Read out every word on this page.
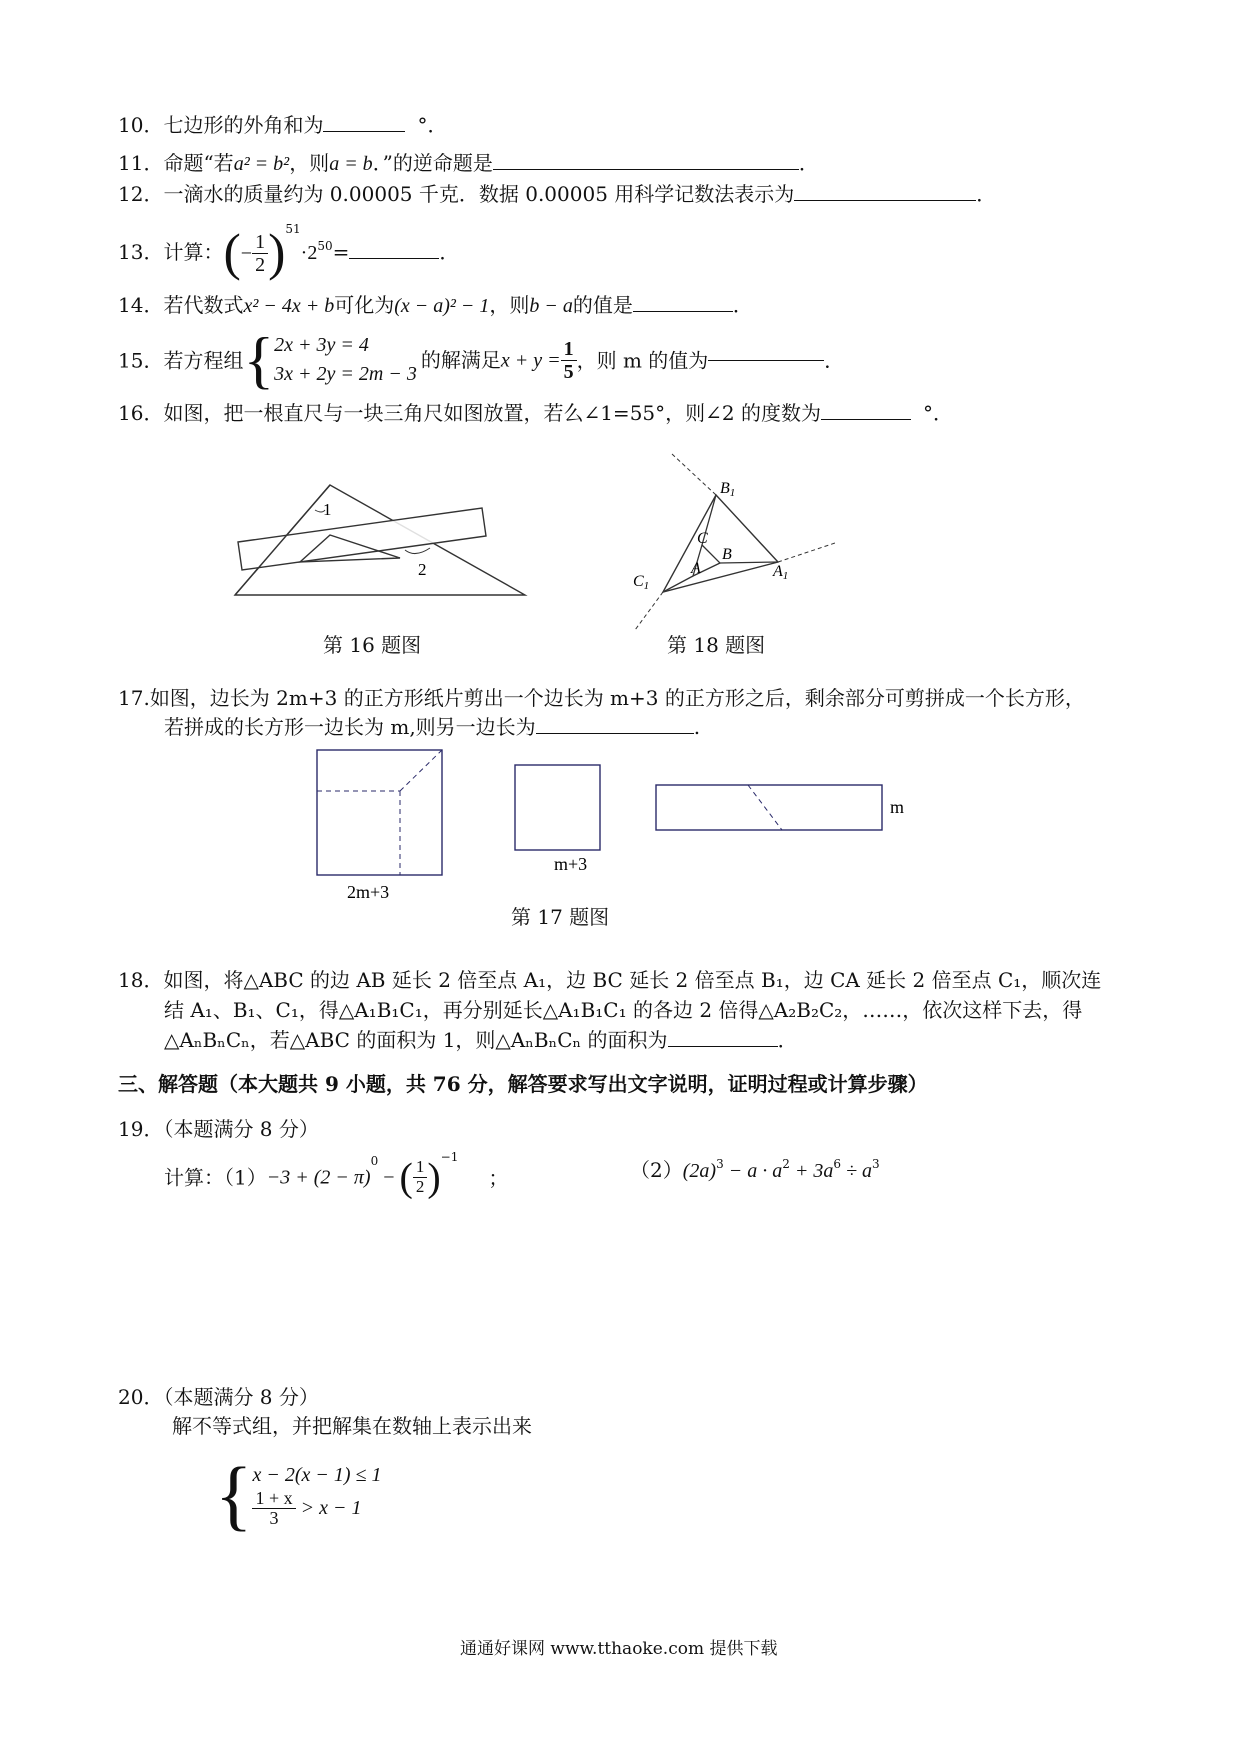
10．七边形的外角和为	°．
11．命题“若a² = b²，则a = b．”的逆命题是	．
12．一滴水的质量约为 0.00005 千克．数据 0.00005 用科学记数法表示为	．
13．计算：(− $\frac{1}{2} )^{51}\cdot 2^{50}=$	．
14．若代数式x² − 4x + b可化为(x − a)² − 1，则b − a的值是	．
15．若方程组{ 2x + 3y = 4
3x + 2y = 2m − 3
的解满足$x + y = \frac{1}{5}$ ，则 m 的值为	．
16．如图，把一根直尺与一块三角尺如图放置，若么∠1=55°，则∠2 的度数为	°．
1
2
第 16 题图
B1
C1
A1
C
B
A
第 18 题图
17.如图，边长为 2m+3 的正方形纸片剪出一个边长为 m+3 的正方形之后，剩余部分可剪拼成一个长方形，
若拼成的长方形一边长为 m,则另一边长为	.
2m+3
m+3
m
第 17 题图
18．如图，将△ABC 的边 AB 延长 2 倍至点 A₁，边 BC 延长 2 倍至点 B₁，边 CA 延长 2 倍至点 C₁，顺次连
结 A₁、B₁、C₁，得△A₁B₁C₁，再分别延长△A₁B₁C₁ 的各边 2 倍得△A₂B₂C₂，……，依次这样下去，得
△AₙBₙCₙ，若△ABC 的面积为 1，则△AₙBₙCₙ 的面积为	．
三、解答题（本大题共 9 小题，共 76 分，解答要求写出文字说明，证明过程或计算步骤）
19．（本题满分 8 分）
计算：$(1)-3 + (2 - \pi)^0$ − ( $\frac{1}{2} )^{-1}$；	$(2)(2a)^3 - a \cdot a^2 + 3a^6 \div a^3$
20．（本题满分 8 分）
解不等式组，并把解集在数轴上表示出来
{ x − 2(x − 1) ≤ 1
$\frac{1 + x}{3} > x - 1$
通通好课网 www.tthaoke.com 提供下载
